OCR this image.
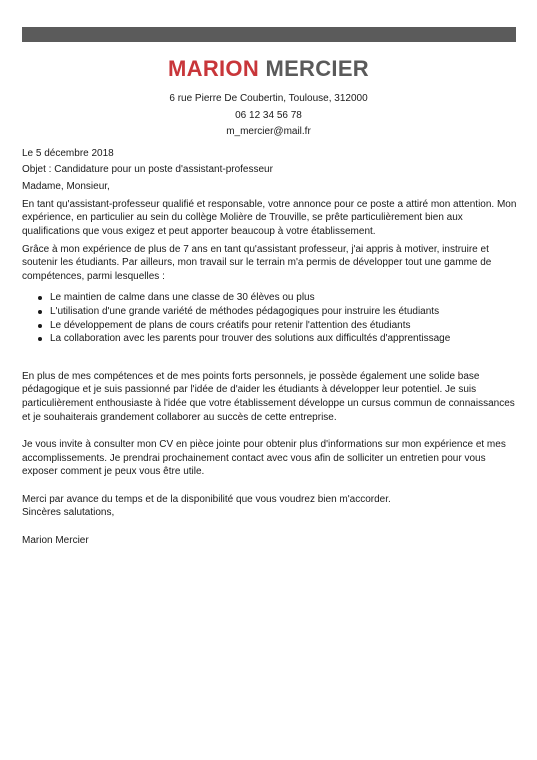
MARION MERCIER
6 rue Pierre De Coubertin, Toulouse, 312000
06 12 34 56 78
m_mercier@mail.fr

Le 5 décembre 2018

Objet : Candidature pour un poste d'assistant-professeur

Madame, Monsieur,

En tant qu'assistant-professeur qualifié et responsable, votre annonce pour ce poste a attiré mon attention. Mon expérience, en particulier au sein du collège Molière de Trouville, se prête particulièrement bien aux qualifications que vous exigez et peut apporter beaucoup à votre établissement.

Grâce à mon expérience de plus de 7 ans en tant qu'assistant professeur, j'ai appris à motiver, instruire et soutenir les étudiants. Par ailleurs, mon travail sur le terrain m'a permis de développer tout une gamme de compétences, parmi lesquelles :

Le maintien de calme dans une classe de 30 élèves ou plus
L'utilisation d'une grande variété de méthodes pédagogiques pour instruire les étudiants
Le développement de plans de cours créatifs pour retenir l'attention des étudiants
La collaboration avec les parents pour trouver des solutions aux difficultés d'apprentissage

En plus de mes compétences et de mes points forts personnels, je possède également une solide base pédagogique et je suis passionné par l'idée de d'aider les étudiants à développer leur potentiel. Je suis particulièrement enthousiaste à l'idée que votre établissement développe un cursus commun de connaissances et je souhaiterais grandement collaborer au succès de cette entreprise.

Je vous invite à consulter mon CV en pièce jointe pour obtenir plus d'informations sur mon expérience et mes accomplissements. Je prendrai prochainement contact avec vous afin de solliciter un entretien pour vous exposer comment je peux vous être utile.

Merci par avance du temps et de la disponibilité que vous voudrez bien m'accorder.

Sincères salutations,

Marion Mercier
